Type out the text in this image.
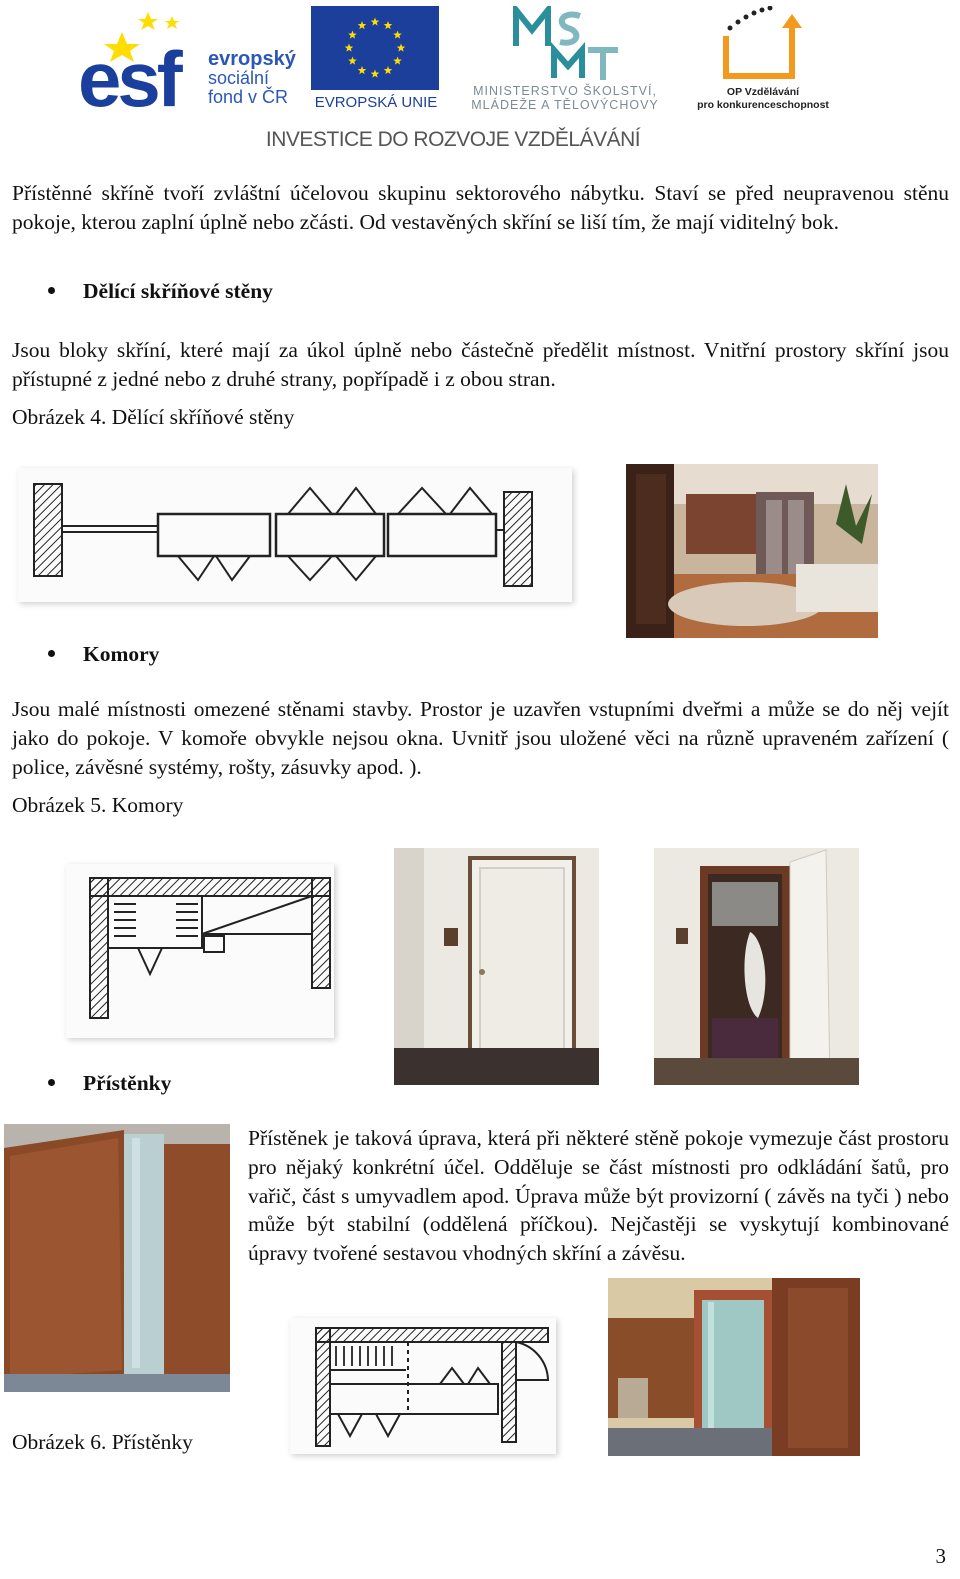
esf evropský
sociální
fond v ČR	EVROPSKÁ UNIE
MINISTERSTVO ŠKOLSTVÍ,
MLÁDEŽE A TĚLOVÝCHOVY
OP Vzdělávání
pro konkurenceschopnost
INVESTICE DO ROZVOJE VZDĚLÁVÁNÍ
Přístěnné skříně tvoří zvláštní účelovou skupinu sektorového nábytku. Staví se před neupravenou stěnu pokoje, kterou zaplní úplně nebo zčásti. Od vestavěných skříní se liší tím, že mají viditelný bok.
Dělící skříňové stěny
Jsou bloky skříní, které mají za úkol úplně nebo částečně předělit místnost. Vnitřní prostory skříní jsou přístupné z jedné nebo z druhé strany, popřípadě i z obou stran.
Obrázek 4. Dělící skříňové stěny
Komory
Jsou malé místnosti omezené stěnami stavby. Prostor je uzavřen vstupními dveřmi a může se do něj vejít jako do pokoje. V komoře obvykle nejsou okna. Uvnitř jsou uložené věci na různě upraveném zařízení ( police, závěsné systémy, rošty, zásuvky apod. ).
Obrázek 5. Komory
Přístěnky
Přístěnek je taková úprava, která při některé stěně pokoje vymezuje část prostoru pro nějaký konkrétní účel. Odděluje se část místnosti pro odkládání šatů, pro vařič, část s umyvadlem apod. Úprava může být provizorní ( závěs na tyči ) nebo může být stabilní (oddělená příčkou). Nejčastěji se vyskytují kombinované úpravy tvořené sestavou vhodných skříní a závěsu.
Obrázek 6. Přístěnky
3
